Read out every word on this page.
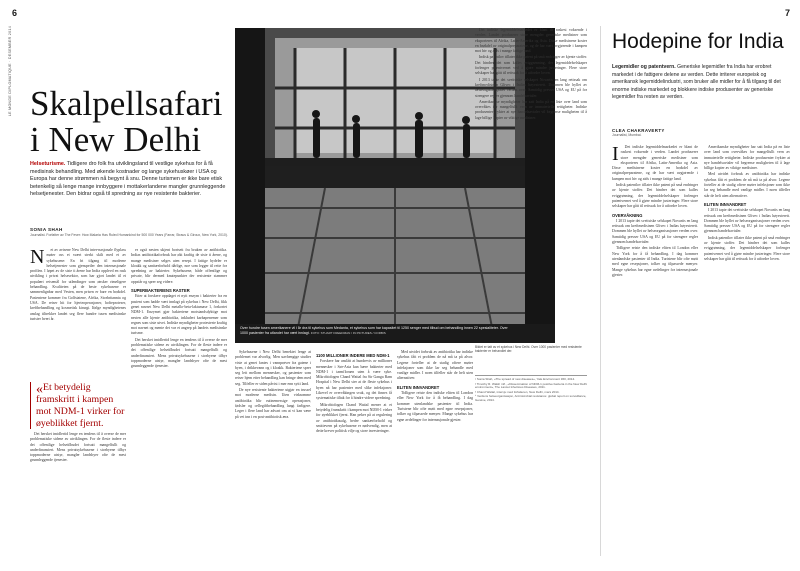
6
LE MONDE DIPLOMATIQUE · DESEMBER 2014 Skalpellsafari i New Delhi
Helseturisme. Tidligere dro folk fra utviklingsland til vestlige sykehus for å få medisinsk behandling. Med økende kostnader og lange sykehuskøer i USA og Europa har denne strømmen nå begynt å snu. Denne turismen er ikke bare etisk betenkelig så lenge mange innbyggere i mottakerlandene mangler grunnleggende helsetjenester. Den bidrar også til spredning av nye resistente bakterier.
SONIA SHAH
Journalist. Forfatter av The Fever: How Malaria Has Ruled Humankind for 500 000 Years (Farrar, Straus & Giroux, New York, 2010).
N	et av avisene New Delhi inter-nasjonale flyplass møter oss et svært sterkt skilt med et av sykehusene: En fri tilgang til moderne helsetjenester som gjenspeiler den internasjonale profilen. I løpet av de siste ti årene har India opplevd en rask utvikling i privat helsesektor, som har gjort landet til et populært reisemål for utlendinger som ønsker rimeligere behandling. Kvaliteten på de beste sykehusene er sammenlignbar med Vesten, men prisen er bare en brøkdel. Pasientene kommer fra Golfstatene, Afrika, Storbritannia og USA. De reiser hit for hjerteoperasjoner, hofteproteser, kreftbehandling og kosmetisk kirurgi. Ifølge myndighetenes anslag tiltrekker landet seg flere hundre tusen medisinske turister hvert år.

«Et betydelig framskritt i kampen mot NDM-1 virker for øyeblikket fjernt.

Det hersket imidlertid lenge en tendens til å overse de mer problematiske sidene av utviklingen. For de fleste indere er det offentlige helsetilbudet fortsatt mangelfullt og underfinansiert. Mens privatsykehusene i storbyene tilbyr toppmoderne utstyr, mangler landsbyer ofte de mest grunnleggende tjenester.

er også nesten ukjent bortsett fra bruken av antibiotika. Indias antibiotikaforbruk har økt kraftig de siste ti årene, og mange medisiner selges uten resept. I fattige bydeler er kloakk og sanitærforhold dårlige, noe som legger til rette for spredning av bakterier. Sykehusene, både offentlige og private, blir dermed knutepunkter der resistente stammer oppstår og sprer seg videre.

SUPERBAKTERIENS RASTER

Etter at forskere oppdaget et nytt enzym i bakterier fra en pasient som hadde vært innlagt på sykehus i New Delhi, fikk genet navnet New Delhi metallo-beta-laktamase 1, forkortet NDM-1. Enzymet gjør bakteriene motstandsdyktige mot nesten alle kjente antibiotika, inkludert karbapenemer som regnes som siste utvei. Indiske myndigheter protesterte kraftig mot navnet og mente det var et angrep på landets medisinske turisme.

Det hersket imidlertid lenge en tendens til å overse de mer problematiske sidene av utviklingen. For de fleste indere er det offentlige helsetilbudet fortsatt mangelfullt og underfinansiert. Mens privatsykehusene i storbyene tilbyr toppmoderne utstyr, mangler landsbyer ofte de mest grunnleggende tjenester.

Over hundre tusen amerikanere vil i år dra til sykehus som Medanta, et sykehus som har kapasitet til 1250 senger med tilbud om behandling innen 22 spesialiteter. Over 1000 pasienter fra utlandet har vært innlagt. FOTO: STUART FREEDMAN / IN PICTURES / CORBIS

Sykehusene i New Delhi benektet lenge at problemet var alvorlig. Men uavhengige studier viste at genet fantes i vannprøver fra gatene i byen, i drikkevann og i kloakk. Bakteriene sprer seg lett mellom mennesker, og pasienter som reiser hjem etter behandling kan bringe dem med seg. Tilfeller er siden påvist i mer enn sytti land.

De nye resistente bakteriene utgjør en trussel mot moderne medisin. Uten virksomme antibiotika blir rutinemessige operasjoner, fødsler og cellegiftbehandling langt farligere. Leger i flere land har advart om at vi kan være på vei inn i en post-antibiotisk æra.

1100 MILLIONER INDERE MED NDM-1

Forskere har anslått at hundrevis av millioner mennesker i Sør-Asia kan bære bakterier med NDM-1 i tarmfloraen uten å være syke. Mikrobiologen Chand Wattal fra Sir Ganga Ram Hospital i New Delhi sier at de fleste sykehus i byen nå har pasienter med slike infeksjoner. Likevel er overvåkingen svak, og det finnes få systematiske tiltak for å hindre videre spredning.

Mikrobiologen Chand Wattal mener at et betydelig framskritt i kampen mot NDM-1 virker for øyeblikket fjernt. Han peker på at regulering av antibiotikasalg, bedre sanitærforhold og smittevern på sykehusene er nødvendig, men at dette krever politisk vilje og store investeringer.

Med utvidet forbruk av antibiotika har indiske sykehus fått et problem de nå må ta på alvor. Legene forteller at de stadig oftere møter infeksjoner som ikke lar seg behandle med vanlige midler. I noen tilfeller står de helt uten alternativer.

ELITEN INNVANDRET

Tidligere reiste den indiske eliten til London eller New York for å få behandling. I dag kommer utenlandske pasienter til India. Turistene blir ofte møtt med egne resepsjoner, tolker og tilpassede menyer. Mange sykehus har egne avdelinger for internasjonale gjester.

Det indiske legemiddelmarkedet er blant de raskest voksende i verden. Landet produserer store mengder generiske medisiner som eksporteres til Afrika, Latin-Amerika og Asia. Disse medisinene koster en brøkdel av originalpreparatene, og de har vært avgjørende i kampen mot hiv og aids i mange fattige land.

Indisk patentlov tillater ikke patent på små endringer av kjente stoffer. Det hindrer det som kalles eviggrønning, der legemiddelselskaper forlenger patentvernet ved å gjøre mindre justeringer. Flere store selskaper har gått til rettssak for å utfordre loven.

I 2013 tapte det sveitsiske selskapet Novartis en lang rettssak om kreftmedisinen Glivec i Indias høyesterett. Dommen ble hyllet av helseorganisasjoner verden over. Samtidig presser USA og EU på for strengere regler gjennom handelsavtaler.

Amerikanske myndigheter har satt India på en liste over land som overvåkes for mangelfullt vern av immaterielle rettigheter. Indiske produsenter frykter at nye handelsavtaler vil begrense muligheten til å lage billige kopier av viktige medisiner.

Bildet er tatt av et sykehus i New Delhi. Over 1000 pasienter med resistente bakterier er behandlet der.

¹ Sonia Shah, «The spread of new diseases», Yale Environment 360, 2014.

² Timothy R. Walsh mfl., «Dissemination of NDM-1 positive bacteria in the New Delhi environment», The Lancet Infectious Diseases, 2011.

³ Chand Wattal, intervju med forfatteren, New Delhi, mars 2014.

⁴ Verdens helseorganisasjon, Antimicrobial resistance: global report on surveillance, Genève, 2014.

7
Hodepine for India
Legemidler og patentvern. Generiske legemidler fra India har erobret markedet i de fattigere delene av verden. Dette irriterer europeisk og amerikansk legemiddelindustri, som bruker alle midler for å få tilgang til det enorme indiske markedet og blokkere indiske produsenter av generiske legemidler fra resten av verden.
CLEA CHAKRAVERTY
Journalist, Mumbai.
I	Det indiske legemiddelmarkedet er blant de raskest voksende i verden. Landet produserer store mengder generiske medisiner som eksporteres til Afrika, Latin-Amerika og Asia. Disse medisinene koster en brøkdel av originalpreparatene, og de har vært avgjørende i kampen mot hiv og aids i mange fattige land.

Indisk patentlov tillater ikke patent på små endringer av kjente stoffer. Det hindrer det som kalles eviggrønning, der legemiddelselskaper forlenger patentvernet ved å gjøre mindre justeringer. Flere store selskaper har gått til rettssak for å utfordre loven.

OVERVÅKNING

I 2013 tapte det sveitsiske selskapet Novartis en lang rettssak om kreftmedisinen Glivec i Indias høyesterett. Dommen ble hyllet av helseorganisasjoner verden over. Samtidig presser USA og EU på for strengere regler gjennom handelsavtaler.

Tidligere reiste den indiske eliten til London eller New York for å få behandling. I dag kommer utenlandske pasienter til India. Turistene blir ofte møtt med egne resepsjoner, tolker og tilpassede menyer. Mange sykehus har egne avdelinger for internasjonale gjester.

Amerikanske myndigheter har satt India på en liste over land som overvåkes for mangelfullt vern av immaterielle rettigheter. Indiske produsenter frykter at nye handelsavtaler vil begrense muligheten til å lage billige kopier av viktige medisiner.

Med utvidet forbruk av antibiotika har indiske sykehus fått et problem de nå må ta på alvor. Legene forteller at de stadig oftere møter infeksjoner som ikke lar seg behandle med vanlige midler. I noen tilfeller står de helt uten alternativer.

ELITEN INNVANDRET

I 2013 tapte det sveitsiske selskapet Novartis en lang rettssak om kreftmedisinen Glivec i Indias høyesterett. Dommen ble hyllet av helseorganisasjoner verden over. Samtidig presser USA og EU på for strengere regler gjennom handelsavtaler.

Indisk patentlov tillater ikke patent på små endringer av kjente stoffer. Det hindrer det som kalles eviggrønning, der legemiddelselskaper forlenger patentvernet ved å gjøre mindre justeringer. Flere store selskaper har gått til rettssak for å utfordre loven.
